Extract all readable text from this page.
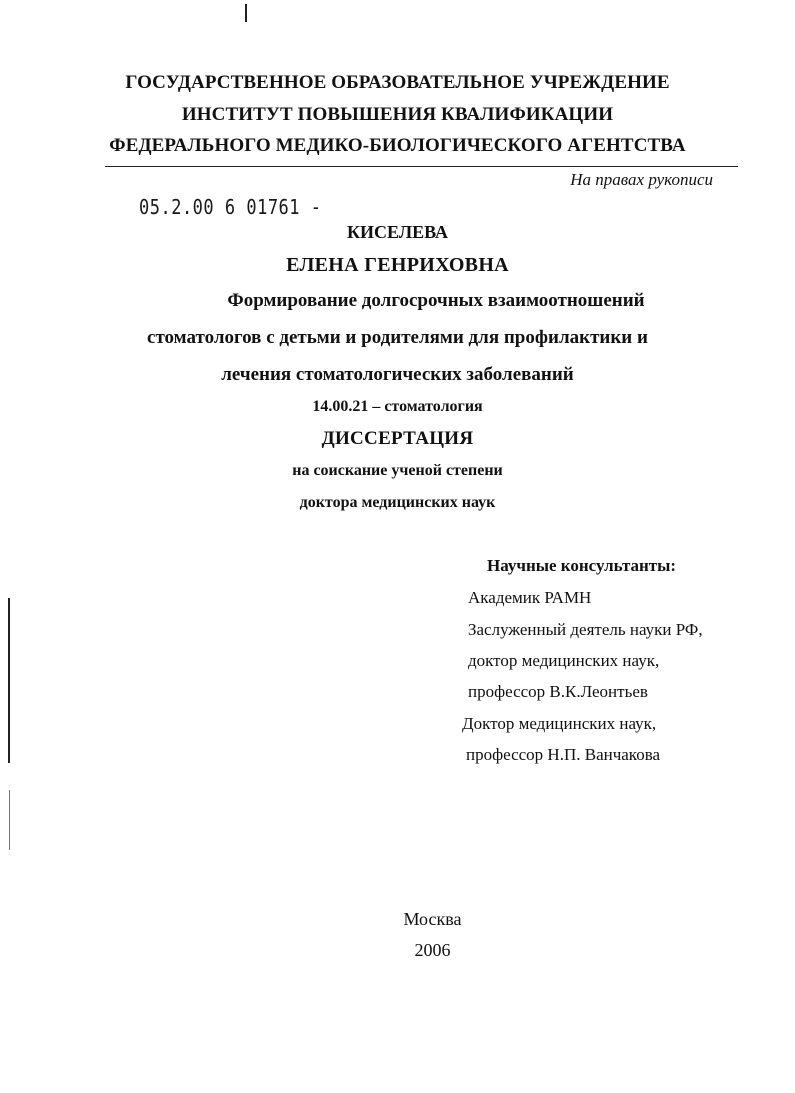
ГОСУДАРСТВЕННОЕ ОБРАЗОВАТЕЛЬНОЕ УЧРЕЖДЕНИЕ
ИНСТИТУТ ПОВЫШЕНИЯ КВАЛИФИКАЦИИ
ФЕДЕРАЛЬНОГО МЕДИКО-БИОЛОГИЧЕСКОГО АГЕНТСТВА
На правах рукописи
05.2.00 6 01761 -
КИСЕЛЕВА
ЕЛЕНА ГЕНРИХОВНА
Формирование долгосрочных взаимоотношений
стоматологов с детьми и родителями для профилактики и
лечения стоматологических заболеваний
14.00.21 – стоматология
ДИССЕРТАЦИЯ
на соискание ученой степени
доктора медицинских наук
Научные консультанты:
Академик РАМН
Заслуженный деятель науки РФ,
доктор медицинских наук,
профессор В.К.Леонтьев
Доктор медицинских наук,
профессор Н.П. Ванчакова
Москва
2006
